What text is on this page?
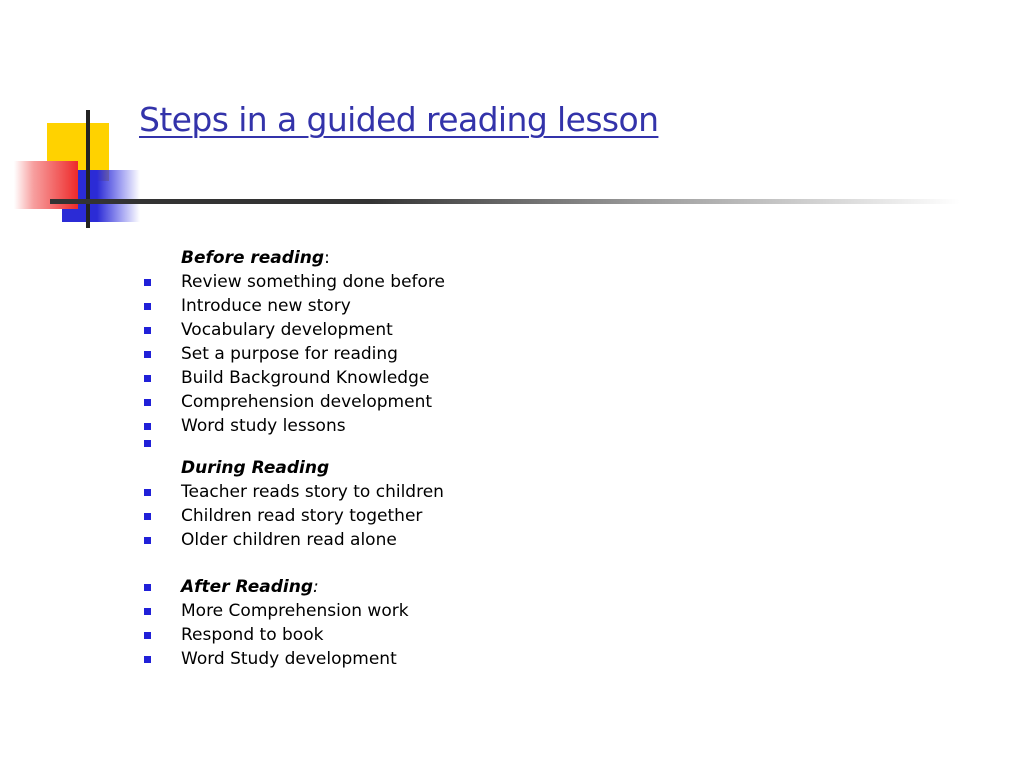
Steps in a guided reading lesson
Before reading:
Review something done before
Introduce new story
Vocabulary development
Set a purpose for reading
Build Background Knowledge
Comprehension development
Word study lessons
During Reading
Teacher reads story to children
Children read story together
Older children read alone
After Reading:
More Comprehension work
Respond to book
Word Study development
